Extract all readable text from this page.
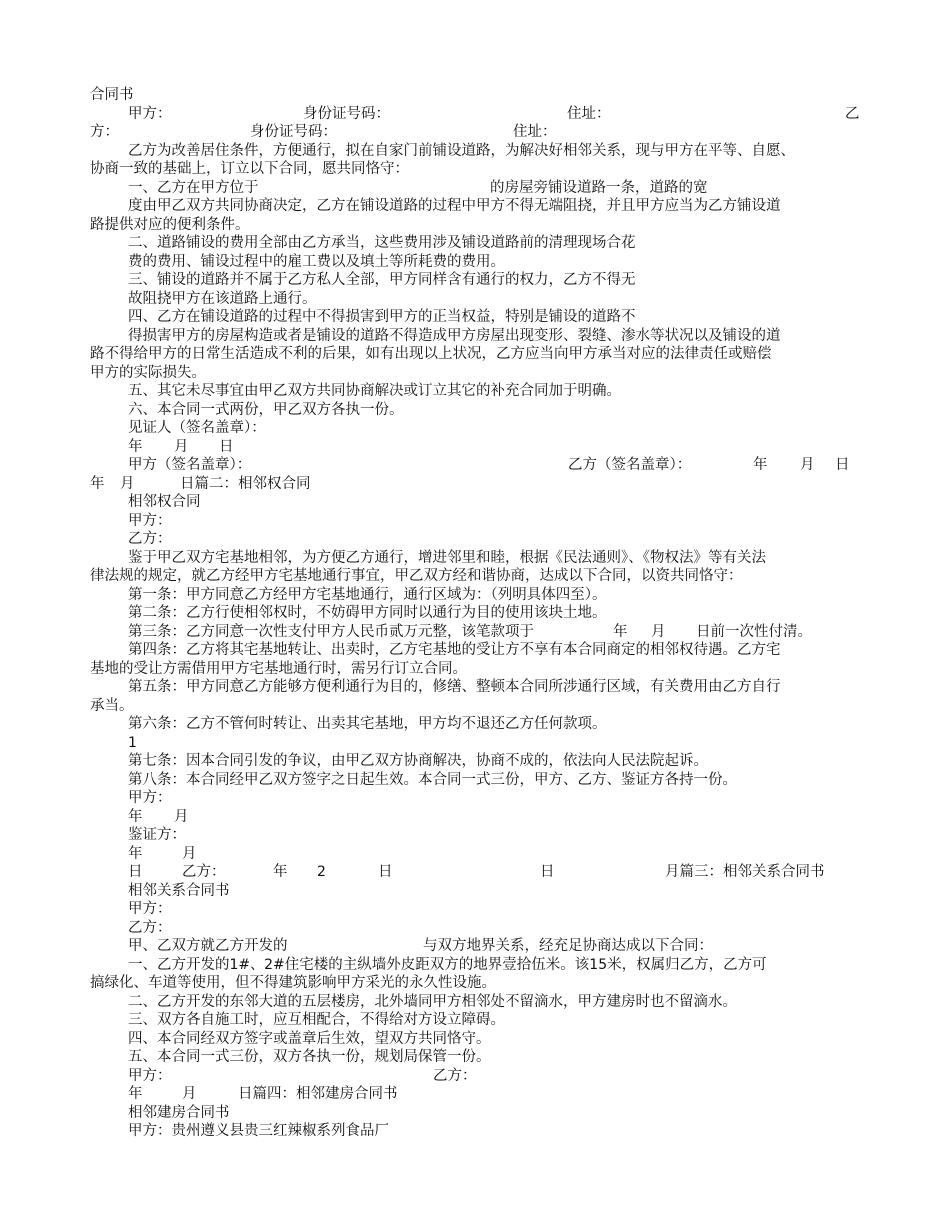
合同书
甲方：	身份证号码：	住址：	乙
方：	身份证号码：	住址：
乙方为改善居住条件，方便通行，拟在自家门前铺设道路，为解决好相邻关系，现与甲方在平等、自愿、
协商一致的基础上，订立以下合同，愿共同恪守：
一、乙方在甲方位于	的房屋旁铺设道路一条，道路的宽
度由甲乙双方共同协商决定，乙方在铺设道路的过程中甲方不得无端阻挠，并且甲方应当为乙方铺设道
路提供对应的便利条件。
二、道路铺设的费用全部由乙方承当，这些费用涉及铺设道路前的清理现场合花
费的费用、铺设过程中的雇工费以及填土等所耗费的费用。
三、铺设的道路并不属于乙方私人全部，甲方同样含有通行的权力，乙方不得无
故阻挠甲方在该道路上通行。
四、乙方在铺设道路的过程中不得损害到甲方的正当权益，特别是铺设的道路不
得损害甲方的房屋构造或者是铺设的道路不得造成甲方房屋出现变形、裂缝、渗水等状况以及铺设的道
路不得给甲方的日常生活造成不利的后果，如有出现以上状况，乙方应当向甲方承当对应的法律责任或赔偿
甲方的实际损失。
五、其它未尽事宜由甲乙双方共同协商解决或订立其它的补充合同加于明确。
六、本合同一式两份，甲乙双方各执一份。
见证人（签名盖章）：
年 月 日
甲方（签名盖章）：	乙方（签名盖章）：	年 月 日
年 月	日篇二：相邻权合同
相邻权合同
甲方：
乙方：
鉴于甲乙双方宅基地相邻，为方便乙方通行，增进邻里和睦，根据《民法通则》、《物权法》等有关法
律法规的规定，就乙方经甲方宅基地通行事宜，甲乙双方经和谐协商，达成以下合同，以资共同恪守：
第一条：甲方同意乙方经甲方宅基地通行，通行区域为：（列明具体四至）。
第二条：乙方行使相邻权时，不妨碍甲方同时以通行为目的使用该块土地。
第三条：乙方同意一次性支付甲方人民币贰万元整，该笔款项于	年 月 日前一次性付清。
第四条：乙方将其宅基地转让、出卖时，乙方宅基地的受让方不享有本合同商定的相邻权待遇。乙方宅
基地的受让方需借用甲方宅基地通行时，需另行订立合同。
第五条：甲方同意乙方能够方便利通行为目的，修缮、整顿本合同所涉通行区域，有关费用由乙方自行
承当。
第六条：乙方不管何时转让、出卖其宅基地，甲方均不退还乙方任何款项。
1
第七条：因本合同引发的争议，由甲乙双方协商解决，协商不成的，依法向人民法院起诉。
第八条：本合同经甲乙双方签字之日起生效。本合同一式三份，甲方、乙方、鉴证方各持一份。
甲方：
年 月
鉴证方：
年	月
日	乙方：	年 2	日	日	月篇三：相邻关系合同书
相邻关系合同书
甲方：
乙方：
甲、乙双方就乙方开发的	与双方地界关系，经充足协商达成以下合同：
一、乙方开发的1#、2#住宅楼的主纵墙外皮距双方的地界壹拾伍米。该15米，权属归乙方，乙方可
搞绿化、车道等使用，但不得建筑影响甲方采光的永久性设施。
二、乙方开发的东邻大道的五层楼房，北外墙同甲方相邻处不留滴水，甲方建房时也不留滴水。
三、双方各自施工时，应互相配合，不得给对方设立障碍。
四、本合同经双方签字或盖章后生效，望双方共同恪守。
五、本合同一式三份，双方各执一份，规划局保管一份。
甲方：	乙方：
年	月	日篇四：相邻建房合同书
相邻建房合同书
甲方：贵州遵义县贵三红辣椒系列食品厂
